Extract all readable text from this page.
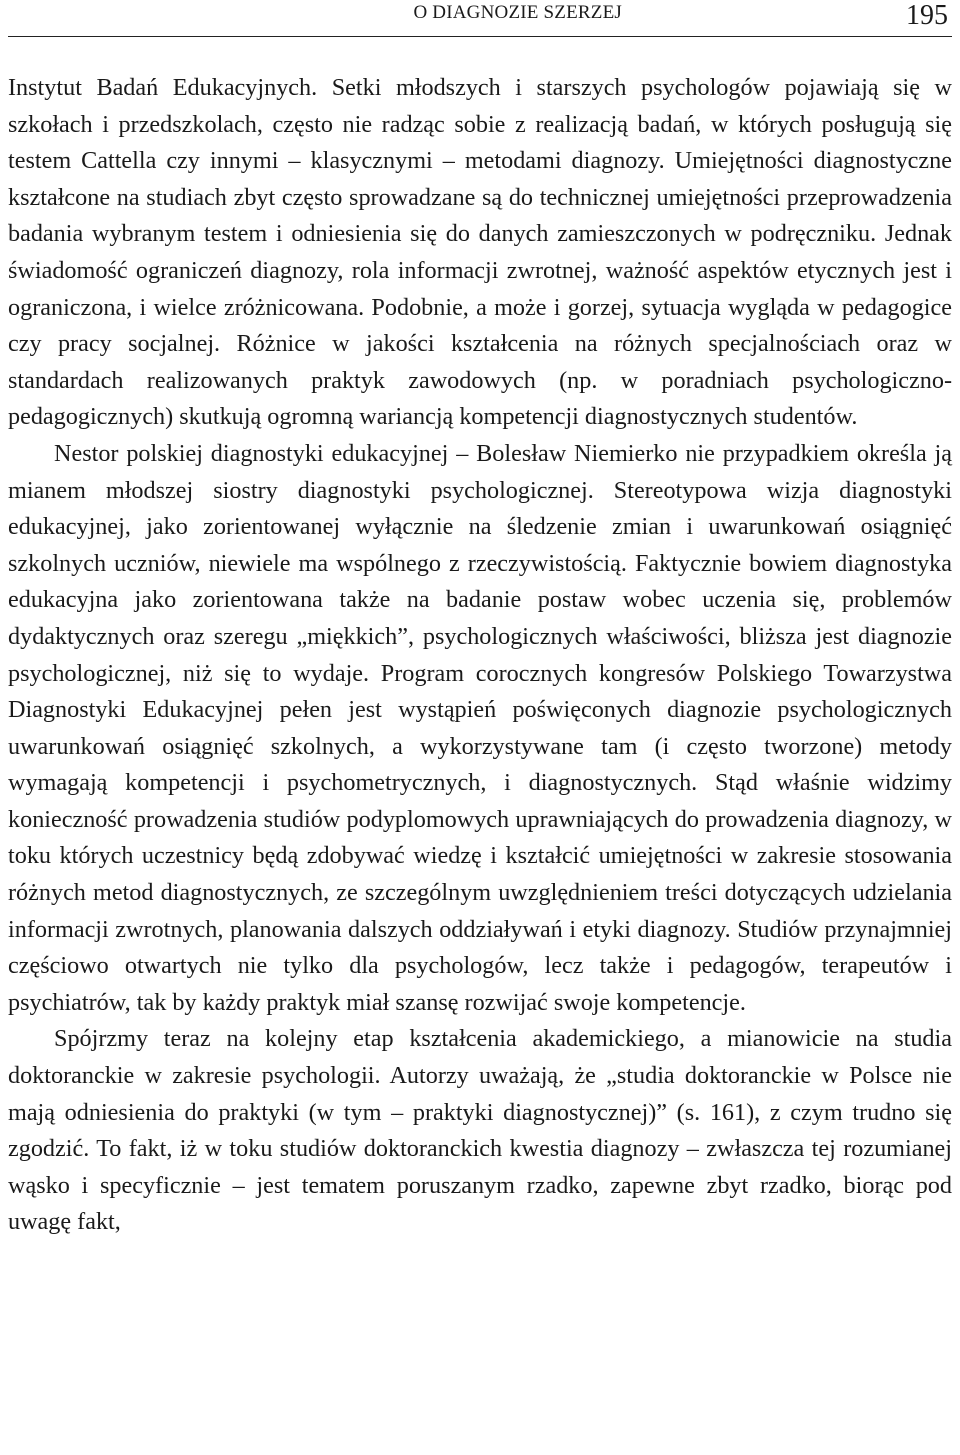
O DIAGNOZIE SZERZEJ	195

Instytut Badań Edukacyjnych. Setki młodszych i starszych psychologów pojawiają się w szkołach i przedszkolach, często nie radząc sobie z realizacją badań, w których posługują się testem Cattella czy innymi – klasycznymi – metodami diagnozy. Umiejętności diagnostyczne kształcone na studiach zbyt często sprowadzane są do technicznej umiejętności przeprowadzenia badania wybranym testem i odniesienia się do danych zamieszczonych w podręczniku. Jednak świadomość ograniczeń diagnozy, rola informacji zwrotnej, ważność aspektów etycznych jest i ograniczona, i wielce zróżnicowana. Podobnie, a może i gorzej, sytuacja wygląda w pedagogice czy pracy socjalnej. Różnice w jakości kształcenia na różnych specjalnościach oraz w standardach realizowanych praktyk zawodowych (np. w poradniach psychologiczno-pedagogicznych) skutkują ogromną wariancją kompetencji diagnostycznych studentów.

Nestor polskiej diagnostyki edukacyjnej – Bolesław Niemierko nie przypadkiem określa ją mianem młodszej siostry diagnostyki psychologicznej. Stereotypowa wizja diagnostyki edukacyjnej, jako zorientowanej wyłącznie na śledzenie zmian i uwarunkowań osiągnięć szkolnych uczniów, niewiele ma wspólnego z rzeczywistością. Faktycznie bowiem diagnostyka edukacyjna jako zorientowana także na badanie postaw wobec uczenia się, problemów dydaktycznych oraz szeregu „miękkich”, psychologicznych właściwości, bliższa jest diagnozie psychologicznej, niż się to wydaje. Program corocznych kongresów Polskiego Towarzystwa Diagnostyki Edukacyjnej pełen jest wystąpień poświęconych diagnozie psychologicznych uwarunkowań osiągnięć szkolnych, a wykorzystywane tam (i często tworzone) metody wymagają kompetencji i psychometrycznych, i diagnostycznych. Stąd właśnie widzimy konieczność prowadzenia studiów podyplomowych uprawniających do prowadzenia diagnozy, w toku których uczestnicy będą zdobywać wiedzę i kształcić umiejętności w zakresie stosowania różnych metod diagnostycznych, ze szczególnym uwzględnieniem treści dotyczących udzielania informacji zwrotnych, planowania dalszych oddziaływań i etyki diagnozy. Studiów przynajmniej częściowo otwartych nie tylko dla psychologów, lecz także i pedagogów, terapeutów i psychiatrów, tak by każdy praktyk miał szansę rozwijać swoje kompetencje.

Spójrzmy teraz na kolejny etap kształcenia akademickiego, a mianowicie na studia doktoranckie w zakresie psychologii. Autorzy uważają, że „studia doktoranckie w Polsce nie mają odniesienia do praktyki (w tym – praktyki diagnostycznej)” (s. 161), z czym trudno się zgodzić. To fakt, iż w toku studiów doktoranckich kwestia diagnozy – zwłaszcza tej rozumianej wąsko i specyficznie – jest tematem poruszanym rzadko, zapewne zbyt rzadko, biorąc pod uwagę fakt,
